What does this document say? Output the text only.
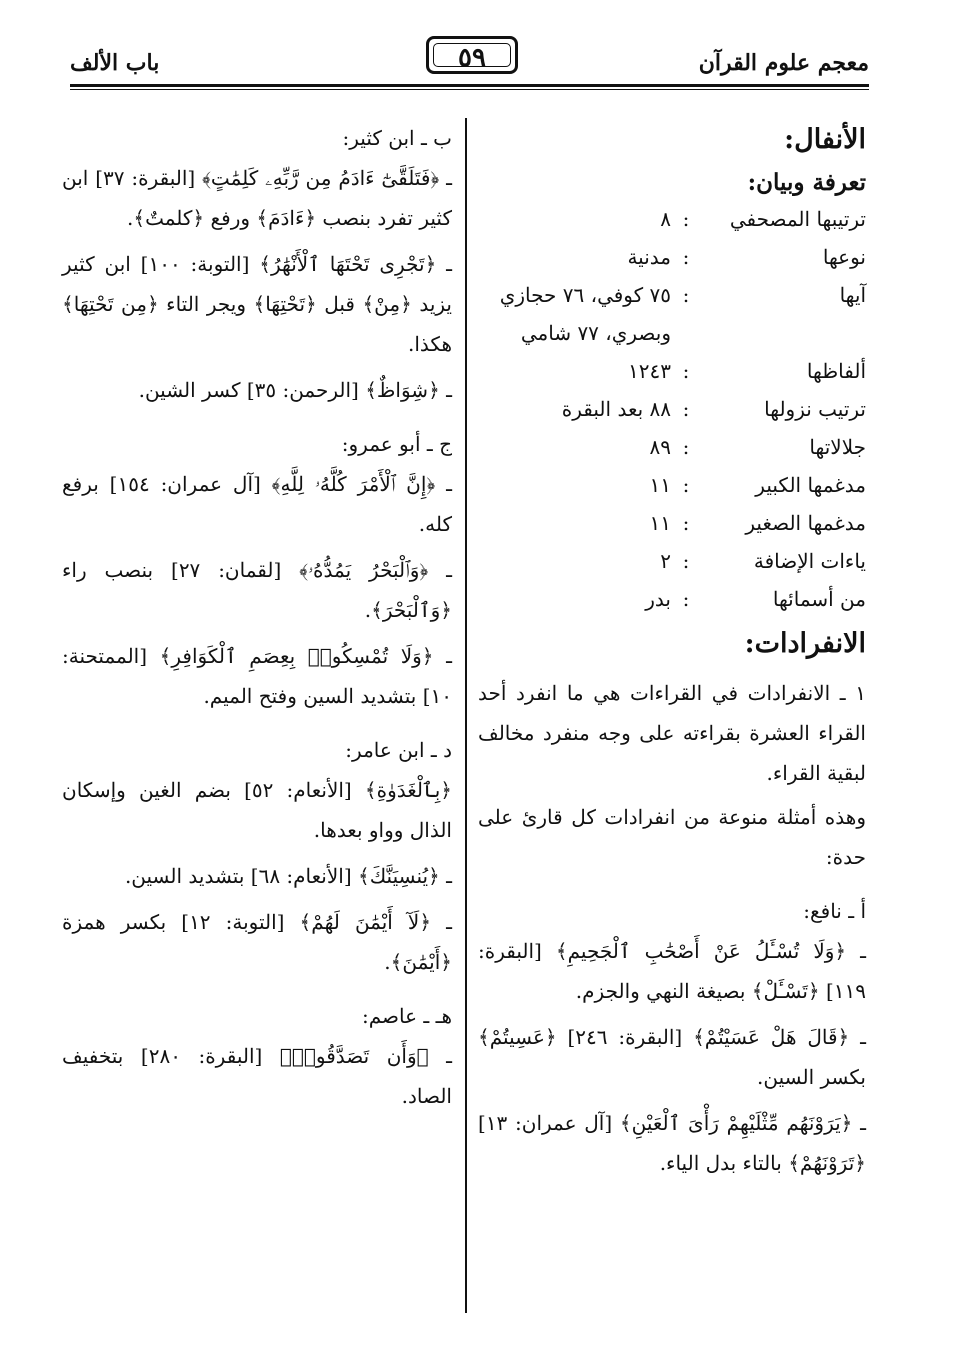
معجم علوم القرآن
٥٩
باب الألف
الأنفال:
تعرفة وبيان:
ترتيبها المصحفي	:	٨
نوعها	:	مدنية
آيها	:	٧٥ كوفي، ٧٦ حجازي وبصري، ٧٧ شامي
ألفاظها	:	١٢٤٣
ترتيب نزولها	:	٨٨ بعد البقرة
جلالاتها	:	٨٩
مدغمها الكبير	:	١١
مدغمها الصغير	:	١١
ياءات الإضافة	:	٢
من أسمائها	:	بدر
الانفرادات:

١ ـ الانفرادات في القراءات هي ما انفرد أحد القراء العشرة بقراءته على وجه منفرد مخالف لبقية القراء.

وهذه أمثلة منوعة من انفرادات كل قارئ على حدة:

أ ـ نافع:

ـ ﴿وَلَا تُسْـَٔلُ عَنْ أَصْحَٰبِ ٱلْجَحِيمِ﴾ [البقرة: ١١٩] ﴿تَسْـَٔلْ﴾ بصيغة النهي والجزم.

ـ ﴿قَالَ هَلْ عَسَيْتُمْ﴾ [البقرة: ٢٤٦] ﴿عَسِيتُمْ﴾ بكسر السين.

ـ ﴿يَرَوْنَهُم مِّثْلَيْهِمْ رَأْىَ ٱلْعَيْنِ﴾ [آل عمران: ١٣] ﴿تَرَوْنَهُمْ﴾ بالتاء بدل الياء.

ب ـ ابن كثير:

ـ ﴿فَتَلَقَّىٰٓ ءَادَمُ مِن رَّبِّهِۦ كَلِمَٰتٍ﴾ [البقرة: ٣٧] ابن كثير تفرد بنصب ﴿ءَادَمَ﴾ ورفع ﴿كلمتٌ﴾.

ـ ﴿تَجْرِى تَحْتَهَا ٱلْأَنْهَٰرُ﴾ [التوبة: ١٠٠] ابن كثير يزيد ﴿مِنْ﴾ قبل ﴿تَحْتِهَا﴾ ويجر التاء ﴿مِن تَحْتِهَا﴾ هكذا.

ـ ﴿شِوَاظٌ﴾ [الرحمن: ٣٥] كسر الشين.

ج ـ أبو عمرو:

ـ ﴿إِنَّ ٱلْأَمْرَ كُلَّهُۥ لِلَّهِ﴾ [آل عمران: ١٥٤] برفع كله.

ـ ﴿وَٱلْبَحْرُ يَمُدُّهُۥ﴾ [لقمان: ٢٧] بنصب راء ﴿وَٱلْبَحْرَ﴾.

ـ ﴿وَلَا تُمْسِكُوا۟ بِعِصَمِ ٱلْكَوَافِرِ﴾ [الممتحنة: ١٠] بتشديد السين وفتح الميم.

د ـ ابن عامر:

﴿بِٱلْغَدَوٰةِ﴾ [الأنعام: ٥٢] بضم الغين وإسكان الذال وواو بعدها.

ـ ﴿يُنسِيَنَّكَ﴾ [الأنعام: ٦٨] بتشديد السين.

ـ ﴿لَآ أَيْمَٰنَ لَهُمْ﴾ [التوبة: ١٢] بكسر همزة ﴿أَيْمَٰنَ﴾.

هـ ـ عاصم:

ـ ﴿وَأَن تَصَدَّقُوا۟﴾ [البقرة: ٢٨٠] بتخفيف الصاد.
